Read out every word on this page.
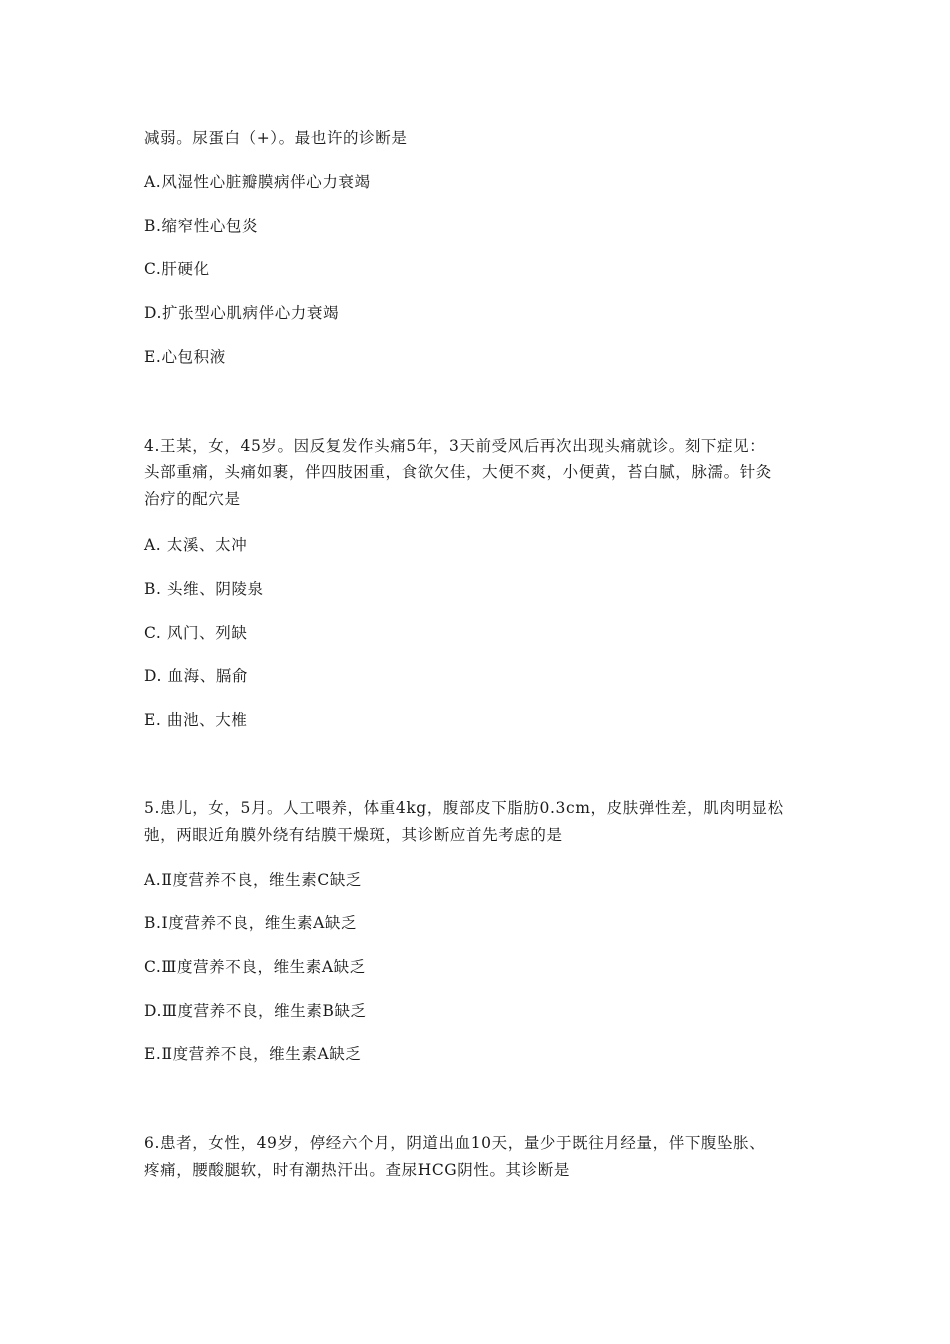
减弱。尿蛋白（+）。最也许的诊断是
A.风湿性心脏瓣膜病伴心力衰竭
B.缩窄性心包炎
C.肝硬化
D.扩张型心肌病伴心力衰竭
E.心包积液
4.王某，女，45岁。因反复发作头痛5年，3天前受风后再次出现头痛就诊。刻下症见：
头部重痛，头痛如裹，伴四肢困重，食欲欠佳，大便不爽，小便黄，苔白腻，脉濡。针灸
治疗的配穴是
A. 太溪、太冲
B. 头维、阴陵泉
C. 风门、列缺
D. 血海、膈俞
E. 曲池、大椎
5.患儿，女，5月。人工喂养，体重4kg，腹部皮下脂肪0.3cm，皮肤弹性差，肌肉明显松
弛，两眼近角膜外绕有结膜干燥斑，其诊断应首先考虑的是
A.Ⅱ度营养不良，维生素C缺乏
B.Ⅰ度营养不良，维生素A缺乏
C.Ⅲ度营养不良，维生素A缺乏
D.Ⅲ度营养不良，维生素B缺乏
E.Ⅱ度营养不良，维生素A缺乏
6.患者，女性，49岁，停经六个月，阴道出血10天，量少于既往月经量，伴下腹坠胀、
疼痛，腰酸腿软，时有潮热汗出。查尿HCG阴性。其诊断是
